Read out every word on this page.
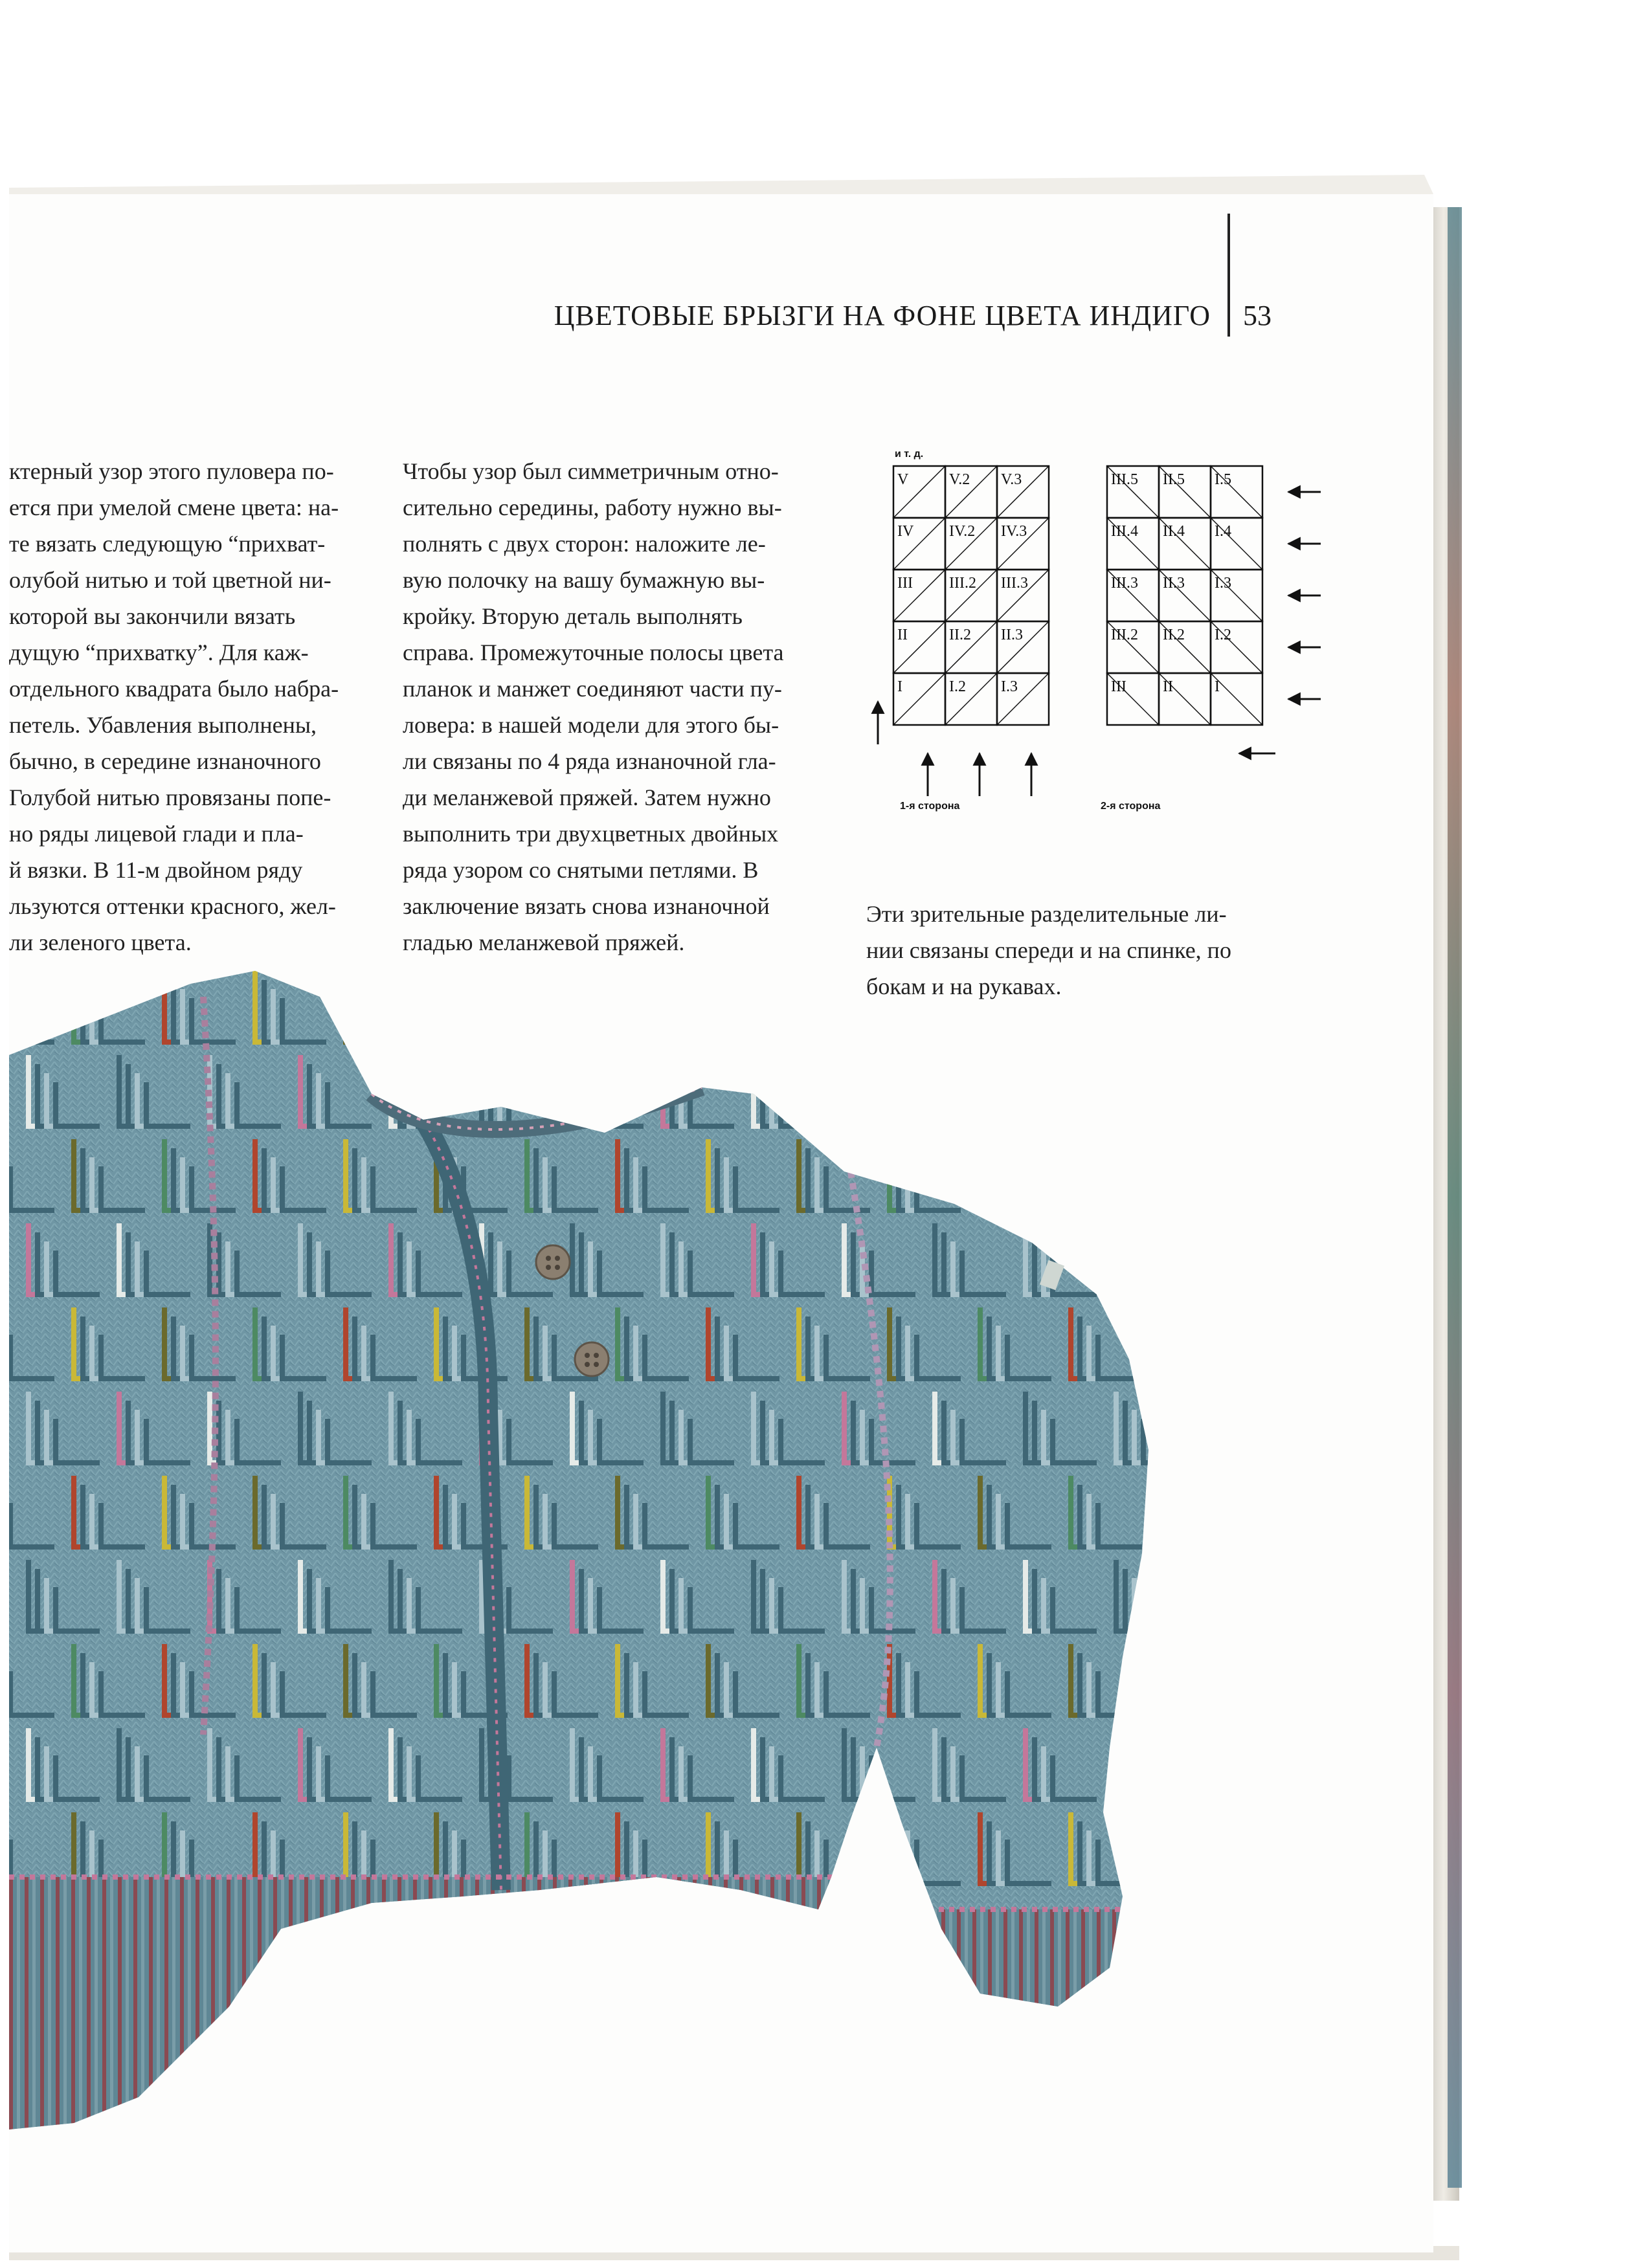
ЦВЕТОВЫЕ БРЫЗГИ НА ФОНЕ ЦВЕТА ИНДИГО 53
ктерный узор этого пуловера по-
ется при умелой смене цвета: на-
те вязать следующую “прихват-
олубой нитью и той цветной ни-
которой вы закончили вязать
дущую “прихватку”. Для каж-
отдельного квадрата было набра-
петель. Убавления выполнены,
бычно, в середине изнаночного
Голубой нитью провязаны попе-
но ряды лицевой глади и пла-
й вязки. В 11-м двойном ряду
льзуются оттенки красного, жел-
ли зеленого цвета.
Чтобы узор был симметричным отно-
сительно середины, работу нужно вы-
полнять с двух сторон: наложите ле-
вую полочку на вашу бумажную вы-
кройку. Вторую деталь выполнять
справа. Промежуточные полосы цвета
планок и манжет соединяют части пу-
ловера: в нашей модели для этого бы-
ли связаны по 4 ряда изнаночной гла-
ди меланжевой пряжей. Затем нужно
выполнить три двухцветных двойных
ряда узором со снятыми петлями. В
заключение вязать снова изнаночной
гладью меланжевой пряжей.
и т. д.
V	V.2 V.3
IV IV.2 IV.3
III III.2 III.3
II	II.2 II.3
I	I.2 I.3
III.5 II.5 I.5
III.4 II.4 I.4
III.3 II.3 I.3
III.2 II.2 I.2
III II	I
1-я сторона	2-я сторона
Эти зрительные разделительные ли-
нии связаны спереди и на спинке, по
бокам и на рукавах.
